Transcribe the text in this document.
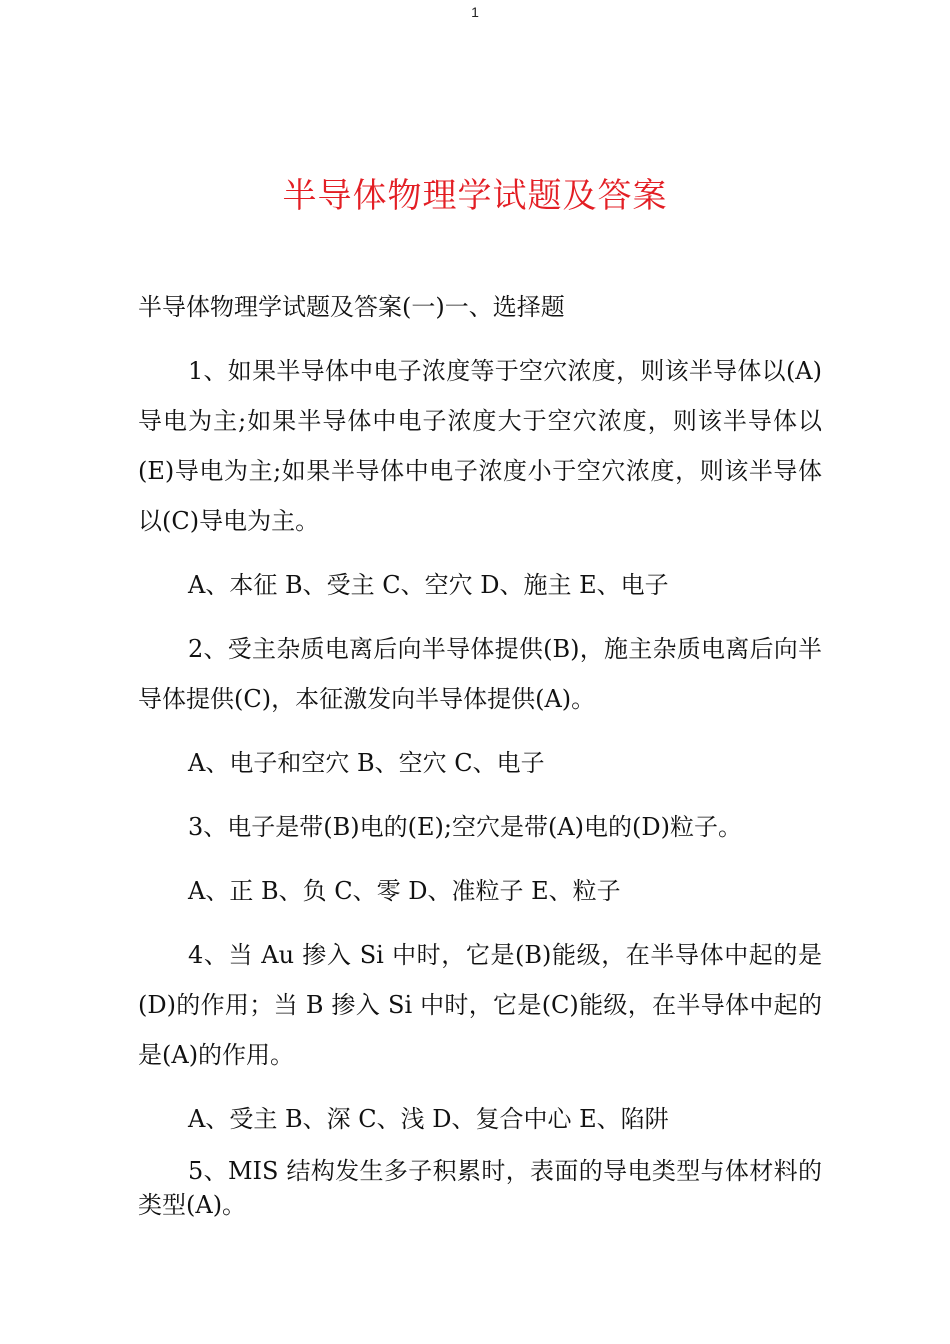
1
半导体物理学试题及答案

半导体物理学试题及答案(一)一、选择题

1、如果半导体中电子浓度等于空穴浓度，则该半导体以(A)导电为主;如果半导体中电子浓度大于空穴浓度，则该半导体以(E)导电为主;如果半导体中电子浓度小于空穴浓度，则该半导体以(C)导电为主。

A、本征 B、受主 C、空穴 D、施主 E、电子

2、受主杂质电离后向半导体提供(B)，施主杂质电离后向半导体提供(C)，本征激发向半导体提供(A)。

A、电子和空穴 B、空穴 C、电子

3、电子是带(B)电的(E);空穴是带(A)电的(D)粒子。

A、正 B、负 C、零 D、准粒子 E、粒子

4、当 Au 掺入 Si 中时，它是(B)能级，在半导体中起的是(D)的作用；当 B 掺入 Si 中时，它是(C)能级，在半导体中起的是(A)的作用。

A、受主 B、深 C、浅 D、复合中心 E、陷阱

5、MIS 结构发生多子积累时，表面的导电类型与体材料的类型(A)。
